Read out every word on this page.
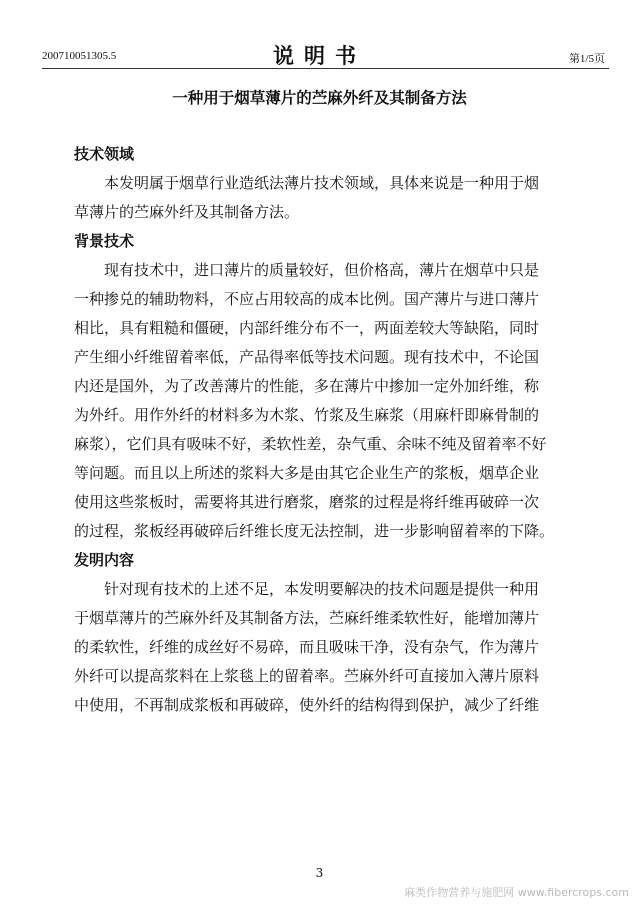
200710051305.5	说明书	第1/5页
一种用于烟草薄片的苎麻外纤及其制备方法
技术领域
本发明属于烟草行业造纸法薄片技术领域，具体来说是一种用于烟
草薄片的苎麻外纤及其制备方法。
背景技术
现有技术中，进口薄片的质量较好，但价格高，薄片在烟草中只是
一种掺兑的辅助物料，不应占用较高的成本比例。国产薄片与进口薄片
相比，具有粗糙和僵硬，内部纤维分布不一，两面差较大等缺陷，同时
产生细小纤维留着率低，产品得率低等技术问题。现有技术中，不论国
内还是国外，为了改善薄片的性能，多在薄片中掺加一定外加纤维，称
为外纤。用作外纤的材料多为木浆、竹浆及生麻浆（用麻杆即麻骨制的
麻浆），它们具有吸味不好，柔软性差，杂气重、余味不纯及留着率不好
等问题。而且以上所述的浆料大多是由其它企业生产的浆板，烟草企业
使用这些浆板时，需要将其进行磨浆，磨浆的过程是将纤维再破碎一次
的过程，浆板经再破碎后纤维长度无法控制，进一步影响留着率的下降。
发明内容
针对现有技术的上述不足，本发明要解决的技术问题是提供一种用
于烟草薄片的苎麻外纤及其制备方法，苎麻纤维柔软性好，能增加薄片
的柔软性，纤维的成丝好不易碎，而且吸味干净，没有杂气，作为薄片
外纤可以提高浆料在上浆毯上的留着率。苎麻外纤可直接加入薄片原料
中使用，不再制成浆板和再破碎，使外纤的结构得到保护，减少了纤维
3
麻类作物营养与施肥网 www.fibercrops.com
